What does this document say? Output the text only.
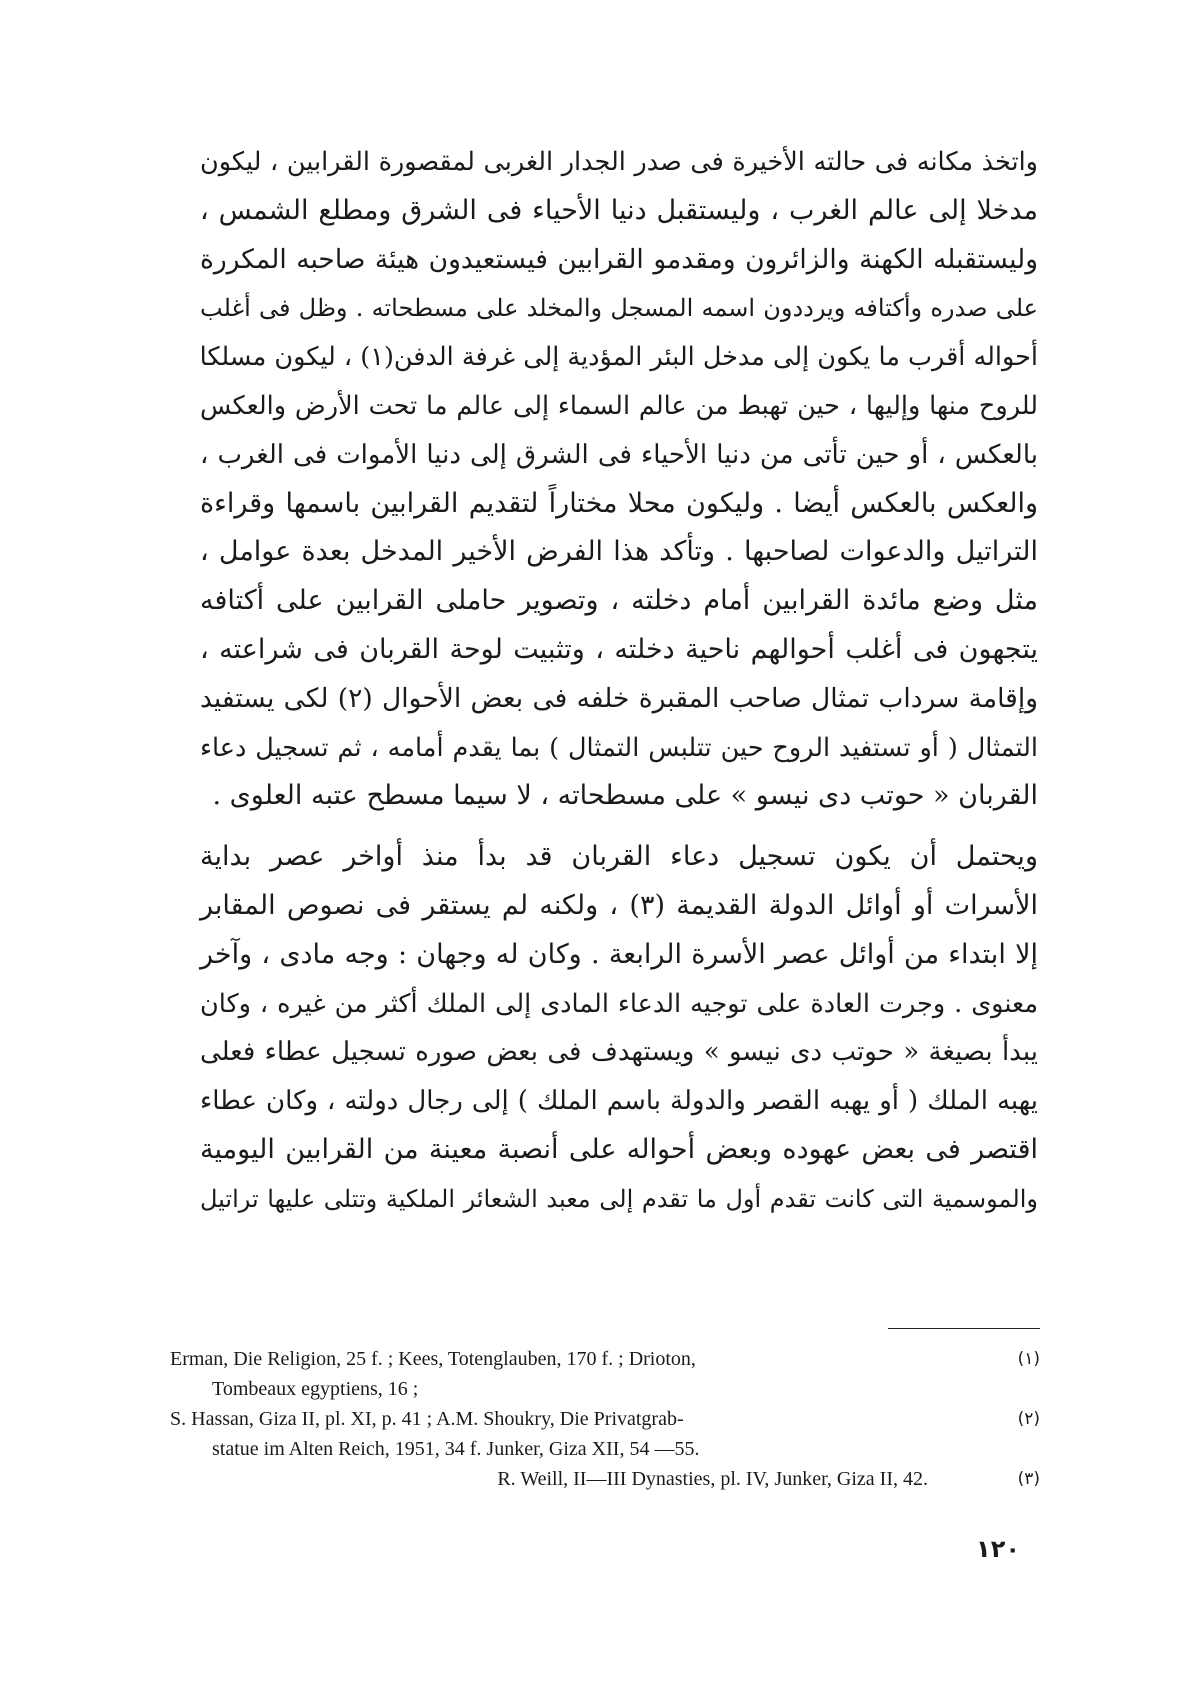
واتخذ مكانه فى حالته الأخيرة فى صدر الجدار الغربى لمقصورة القرابين ، ليكون
مدخلا إلى عالم الغرب ، وليستقبل دنيا الأحياء فى الشرق ومطلع الشمس ،
وليستقبله الكهنة والزائرون ومقدمو القرابين فيستعيدون هيئة صاحبه المكررة
على صدره وأكتافه ويرددون اسمه المسجل والمخلد على مسطحاته . وظل فى أغلب
أحواله أقرب ما يكون إلى مدخل البئر المؤدية إلى غرفة الدفن(١) ، ليكون مسلكا
للروح منها وإليها ، حين تهبط من عالم السماء إلى عالم ما تحت الأرض والعكس
بالعكس ، أو حين تأتى من دنيا الأحياء فى الشرق إلى دنيا الأموات فى الغرب ،
والعكس بالعكس أيضا . وليكون محلا مختاراً لتقديم القرابين باسمها وقراءة
التراتيل والدعوات لصاحبها . وتأكد هذا الفرض الأخير المدخل بعدة عوامل ،
مثل وضع مائدة القرابين أمام دخلته ، وتصوير حاملى القرابين على أكتافه
يتجهون فى أغلب أحوالهم ناحية دخلته ، وتثبيت لوحة القربان فى شراعته ،
وإقامة سرداب تمثال صاحب المقبرة خلفه فى بعض الأحوال (٢) لكى يستفيد
التمثال ( أو تستفيد الروح حين تتلبس التمثال ) بما يقدم أمامه ، ثم تسجيل دعاء
القربان « حوتب دى نيسو » على مسطحاته ، لا سيما مسطح عتبه العلوى .

ويحتمل أن يكون تسجيل دعاء القربان قد بدأ منذ أواخر عصر بداية
الأسرات أو أوائل الدولة القديمة (٣) ، ولكنه لم يستقر فى نصوص المقابر
إلا ابتداء من أوائل عصر الأسرة الرابعة . وكان له وجهان : وجه مادى ، وآخر
معنوى . وجرت العادة على توجيه الدعاء المادى إلى الملك أكثر من غيره ، وكان
يبدأ بصيغة « حوتب دى نيسو » ويستهدف فى بعض صوره تسجيل عطاء فعلى
يهبه الملك ( أو يهبه القصر والدولة باسم الملك ) إلى رجال دولته ، وكان عطاء
اقتصر فى بعض عهوده وبعض أحواله على أنصبة معينة من القرابين اليومية
والموسمية التى كانت تقدم أول ما تقدم إلى معبد الشعائر الملكية وتتلى عليها تراتيل

(١)
Erman, Die Religion, 25 f. ; Kees, Totenglauben, 170 f. ; Drioton,
Tombeaux egyptiens, 16 ;
(٢)
S. Hassan, Giza II, pl. XI, p. 41 ; A.M. Shoukry, Die Privatgrab-
statue im Alten Reich, 1951, 34 f. Junker, Giza XII, 54 —55.
(٣)
R. Weill, II—III Dynasties, pl. IV, Junker, Giza II, 42.
١٢٠
